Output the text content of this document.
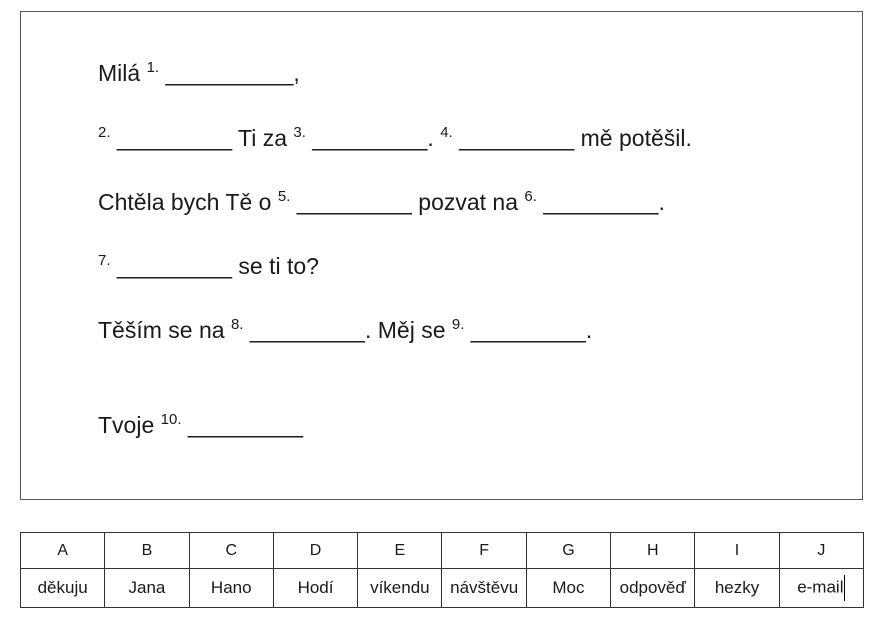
Milá $^{1.}$ __________,
$^{2.}$ _________ Ti za $^{3.}$ _________. $^{4.}$ _________ mě potěšil.
Chtěla bych Tě o $^{5.}$ _________ pozvat na $^{6.}$ _________.
$^{7.}$ _________ se ti to?
Těším se na $^{8.}$ _________. Měj se $^{9.}$ _________.
Tvoje $^{10.}$ _________
A	B	C	D	E	F	G	H	I	J
děkuju	Jana	Hano	Hodí	víkendu	návštěvu	Moc	odpověď	hezky	e-mail
